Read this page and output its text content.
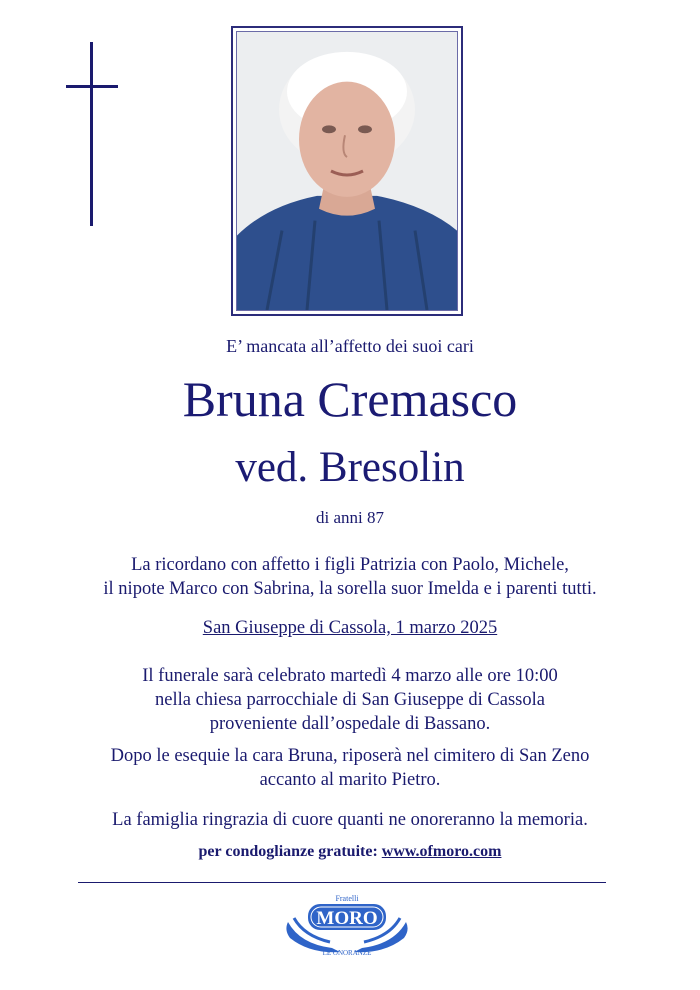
E’ mancata all’affetto dei suoi cari
Bruna Cremasco
ved. Bresolin
di anni 87
La ricordano con affetto i figli Patrizia con Paolo, Michele,
il nipote Marco con Sabrina, la sorella suor Imelda e i parenti tutti.
San Giuseppe di Cassola, 1 marzo 2025
Il funerale sarà celebrato martedì 4 marzo alle ore 10:00
nella chiesa parrocchiale di San Giuseppe di Cassola
proveniente dall’ospedale di Bassano.
Dopo le esequie la cara Bruna, riposerà nel cimitero di San Zeno
accanto al marito Pietro.
La famiglia ringrazia di cuore quanti ne onoreranno la memoria.
per condoglianze gratuite: www.ofmoro.com
Fratelli
MORO
LE ONORANZE
